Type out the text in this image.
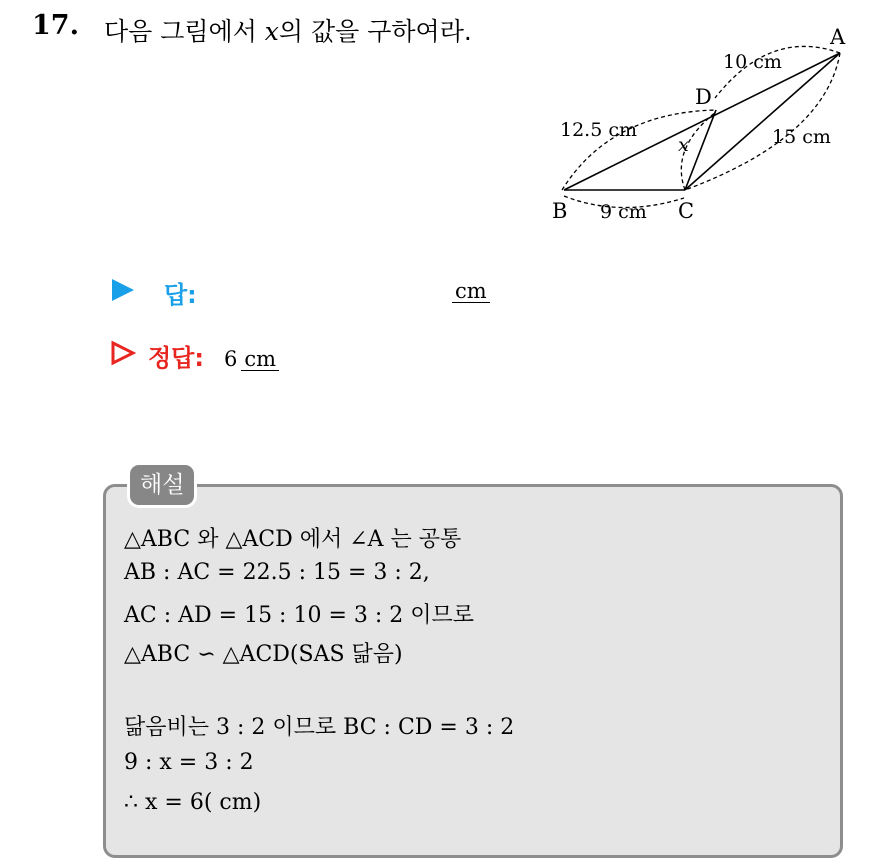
17. 다음 그림에서 x의 값을 구하여라.	A
B	C
D
10 cm
12.5 cm	15 cm
9 cm
x
답:	cm
정답: 6 cm
해설
△ABC 와 △ACD 에서 ∠A 는 공통
AB : AC = 22.5 : 15 = 3 : 2,
AC : AD = 15 : 10 = 3 : 2 이므로
△ABC ∽ △ACD(SAS 닮음)
닮음비는 3 : 2 이므로 BC : CD = 3 : 2
9 : x = 3 : 2
∴ x = 6( cm)
